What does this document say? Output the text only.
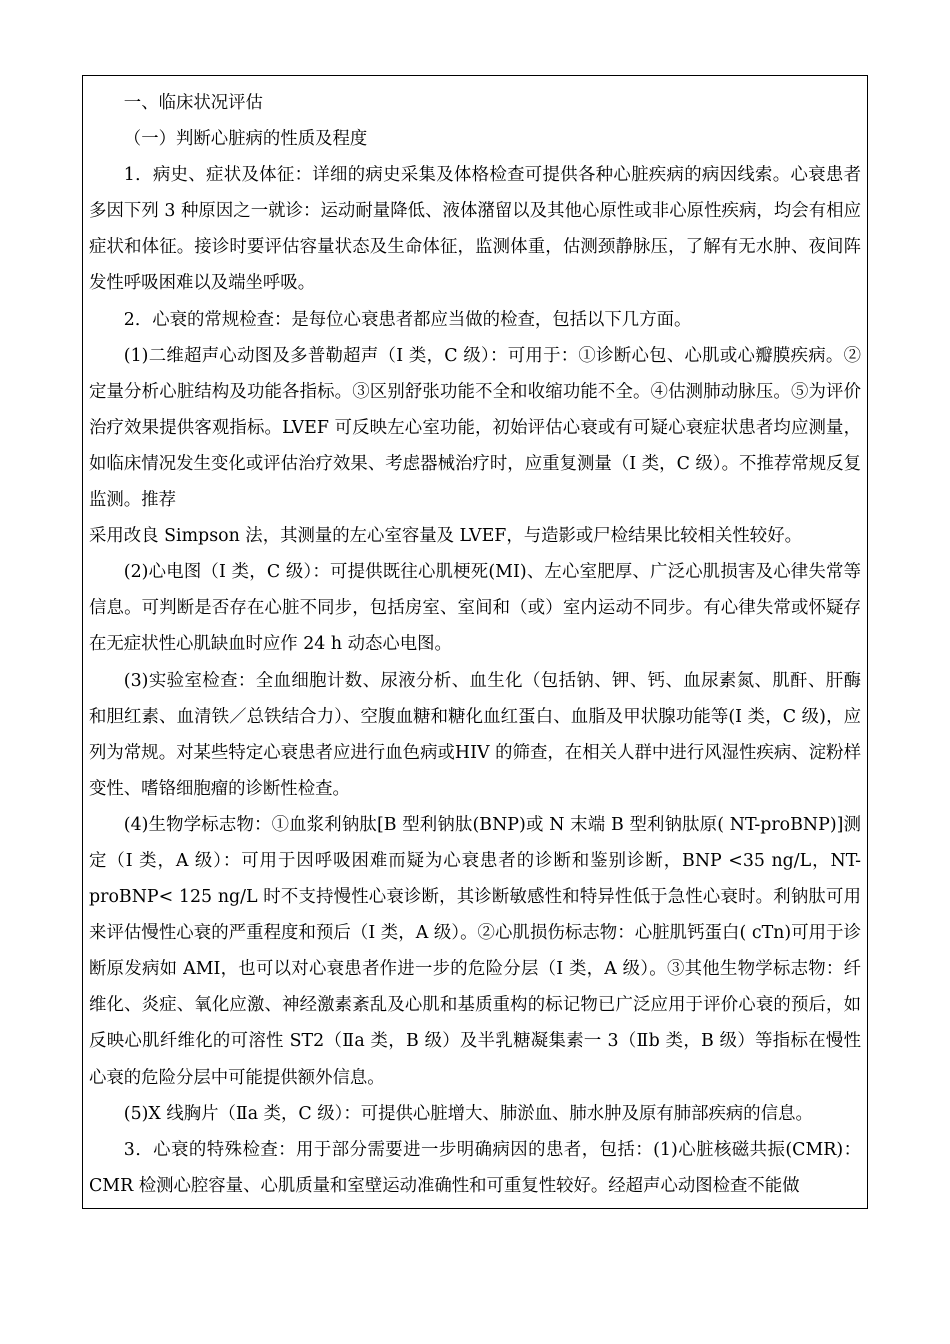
一、临床状况评估

（一）判断心脏病的性质及程度

1．病史、症状及体征：详细的病史采集及体格检查可提供各种心脏疾病的病因线索。心衰患者多因下列 3 种原因之一就诊：运动耐量降低、液体潴留以及其他心原性或非心原性疾病，均会有相应症状和体征。接诊时要评估容量状态及生命体征，监测体重，估测颈静脉压，了解有无水肿、夜间阵发性呼吸困难以及端坐呼吸。

2．心衰的常规检查：是每位心衰患者都应当做的检查，包括以下几方面。

(1)二维超声心动图及多普勒超声（I 类，C 级）：可用于：①诊断心包、心肌或心瓣膜疾病。②定量分析心脏结构及功能各指标。③区别舒张功能不全和收缩功能不全。④估测肺动脉压。⑤为评价治疗效果提供客观指标。LVEF 可反映左心室功能，初始评估心衰或有可疑心衰症状患者均应测量，如临床情况发生变化或评估治疗效果、考虑器械治疗时，应重复测量（I 类，C 级）。不推荐常规反复监测。推荐

采用改良 Simpson 法，其测量的左心室容量及 LVEF，与造影或尸检结果比较相关性较好。

(2)心电图（I 类，C 级）：可提供既往心肌梗死(MI)、左心室肥厚、广泛心肌损害及心律失常等信息。可判断是否存在心脏不同步，包括房室、室间和（或）室内运动不同步。有心律失常或怀疑存在无症状性心肌缺血时应作 24 h 动态心电图。

(3)实验室检查：全血细胞计数、尿液分析、血生化（包括钠、钾、钙、血尿素氮、肌酐、肝酶和胆红素、血清铁／总铁结合力）、空腹血糖和糖化血红蛋白、血脂及甲状腺功能等(I 类，C 级)，应列为常规。对某些特定心衰患者应进行血色病或HIV 的筛查，在相关人群中进行风湿性疾病、淀粉样变性、嗜铬细胞瘤的诊断性检查。

(4)生物学标志物：①血浆利钠肽[B 型利钠肽(BNP)或 N 末端 B 型利钠肽原( NT-proBNP)]测定（I 类，A 级）：可用于因呼吸困难而疑为心衰患者的诊断和鉴别诊断，BNP <35 ng/L，NT-proBNP< 125 ng/L 时不支持慢性心衰诊断，其诊断敏感性和特异性低于急性心衰时。利钠肽可用来评估慢性心衰的严重程度和预后（I 类，A 级）。②心肌损伤标志物：心脏肌钙蛋白( cTn)可用于诊断原发病如 AMI，也可以对心衰患者作进一步的危险分层（I 类，A 级）。③其他生物学标志物：纤维化、炎症、氧化应激、神经激素紊乱及心肌和基质重构的标记物已广泛应用于评价心衰的预后，如反映心肌纤维化的可溶性 ST2（Ⅱa 类，B 级）及半乳糖凝集素一 3（Ⅱb 类，B 级）等指标在慢性心衰的危险分层中可能提供额外信息。

(5)X 线胸片（Ⅱa 类，C 级）：可提供心脏增大、肺淤血、肺水肿及原有肺部疾病的信息。

3．心衰的特殊检查：用于部分需要进一步明确病因的患者，包括：(1)心脏核磁共振(CMR)：CMR 检测心腔容量、心肌质量和室壁运动准确性和可重复性较好。经超声心动图检查不能做
